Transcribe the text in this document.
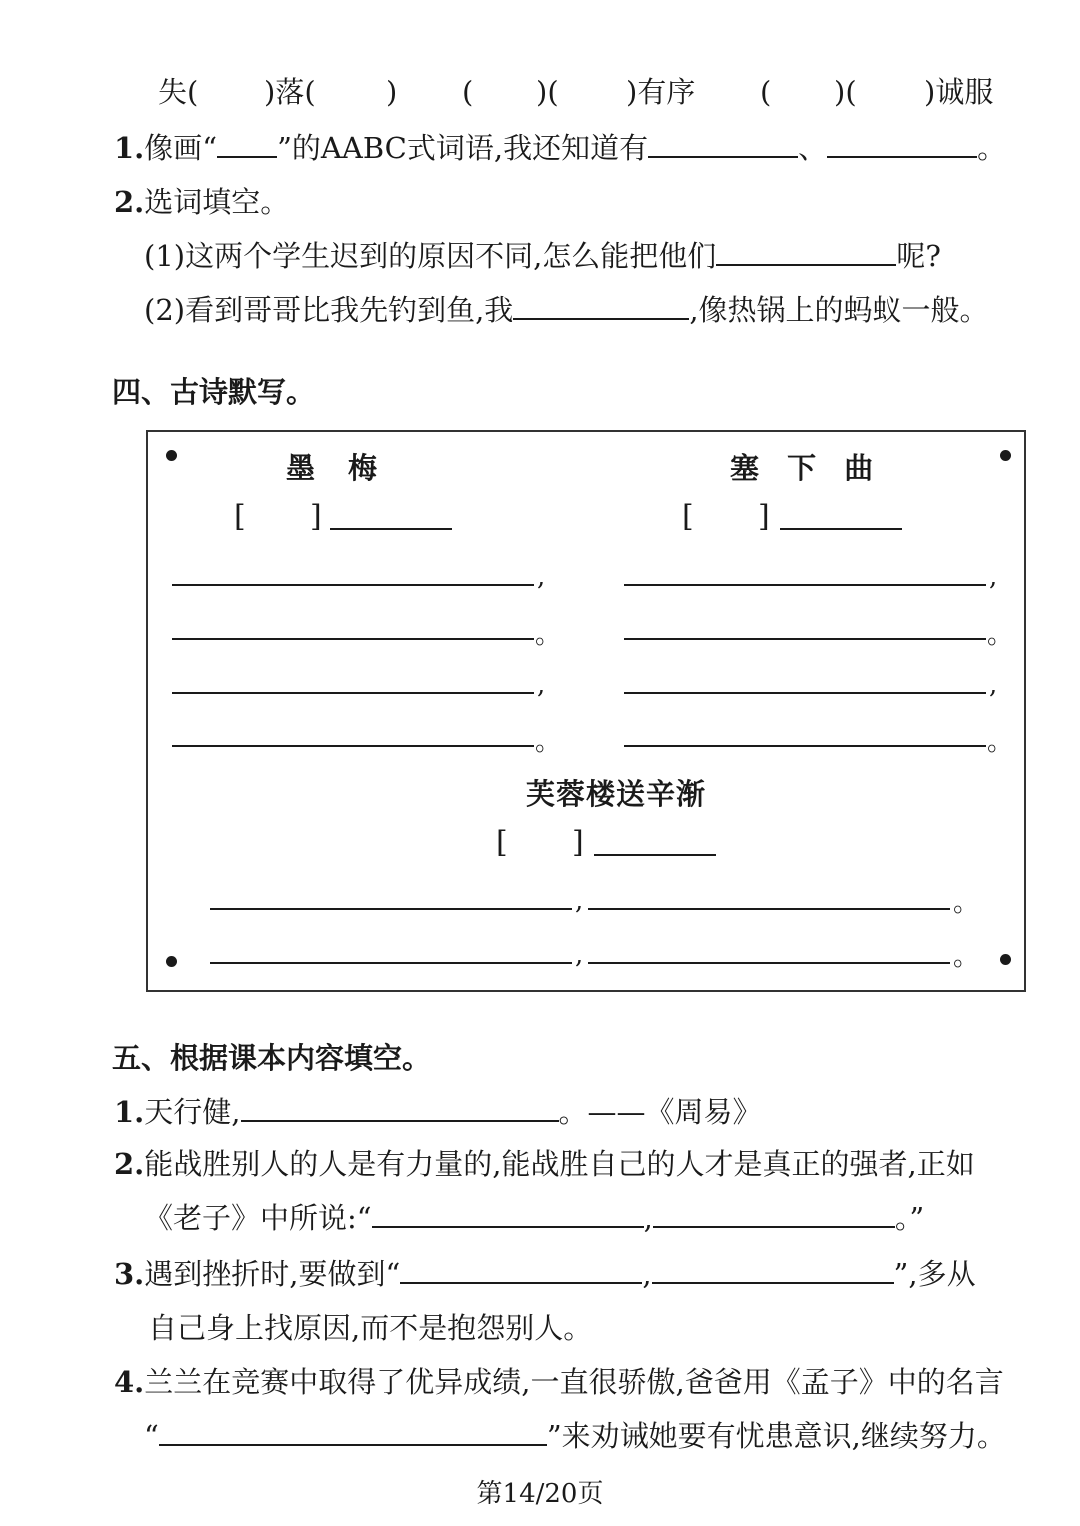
失( )落( ) ( )( )有序 ( )( )诚服
1.像画“ ”的AABC式词语,我还知道有	、	。
2.选词填空。
(1)这两个学生迟到的原因不同,怎么能把他们	呢?
(2)看到哥哥比我先钓到鱼,我	,像热锅上的蚂蚁一般。
四、古诗默写。
墨　梅
[ ]
,
。
,
。
塞 下 曲
[ ]
,
。
,
。
芙蓉楼送辛渐
[ ]
,	。
,	。
五、根据课本内容填空。
1.天行健,	。——《周易》
2.能战胜别人的人是有力量的,能战胜自己的人才是真正的强者,正如
《老子》中所说:“	,	。”
3.遇到挫折时,要做到“	,	”,多从
自己身上找原因,而不是抱怨别人。
4.兰兰在竞赛中取得了优异成绩,一直很骄傲,爸爸用《孟子》中的名言
“	”来劝诫她要有忧患意识,继续努力。
第14/20页
